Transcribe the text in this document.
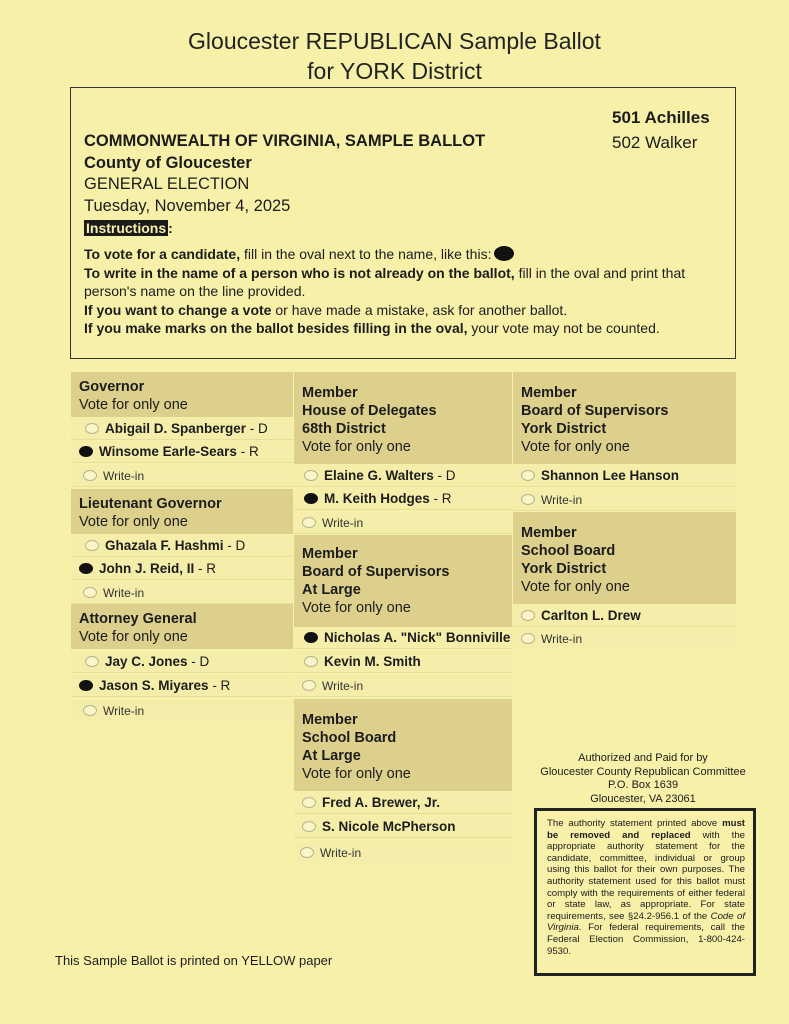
Gloucester REPUBLICAN Sample Ballot
for YORK District
501 Achilles
502 Walker
COMMONWEALTH OF VIRGINIA, SAMPLE BALLOT
County of Gloucester
GENERAL ELECTION
Tuesday, November 4, 2025
Instructions :
To vote for a candidate, fill in the oval next to the name, like this:
To write in the name of a person who is not already on the ballot, fill in the oval and print that person's name on the line provided.
If you want to change a vote or have made a mistake, ask for another ballot.
If you make marks on the ballot besides filling in the oval, your vote may not be counted.
Governor
Vote for only one
Abigail D. Spanberger - D
Winsome Earle-Sears - R
Write-in
Lieutenant Governor
Vote for only one
Ghazala F. Hashmi - D
John J. Reid, II - R
Write-in
Attorney General
Vote for only one
Jay C. Jones - D
Jason S. Miyares - R
Write-in
Member
House of Delegates
68th District
Vote for only one
Elaine G. Walters - D
M. Keith Hodges - R
Write-in
Member
Board of Supervisors
At Large
Vote for only one
Nicholas A. "Nick" Bonniville
Kevin M. Smith
Write-in
Member
School Board
At Large
Vote for only one
Fred A. Brewer, Jr.
S. Nicole McPherson
Write-in
Member
Board of Supervisors
York District
Vote for only one
Shannon Lee Hanson
Write-in
Member
School Board
York District
Vote for only one
Carlton L. Drew
Write-in
Authorized and Paid for by
Gloucester County Republican Committee
P.O. Box 1639
Gloucester, VA 23061
The authority statement printed above must be removed and replaced with the appropriate authority statement for the candidate, committee, individual or group using this ballot for their own purposes. The authority statement used for this ballot must comply with the requirements of either federal or state law, as appropriate. For state requirements, see §24.2-956.1 of the Code of Virginia. For federal requirements, call the Federal Election Commission, 1-800-424-9530.
This Sample Ballot is printed on YELLOW paper
